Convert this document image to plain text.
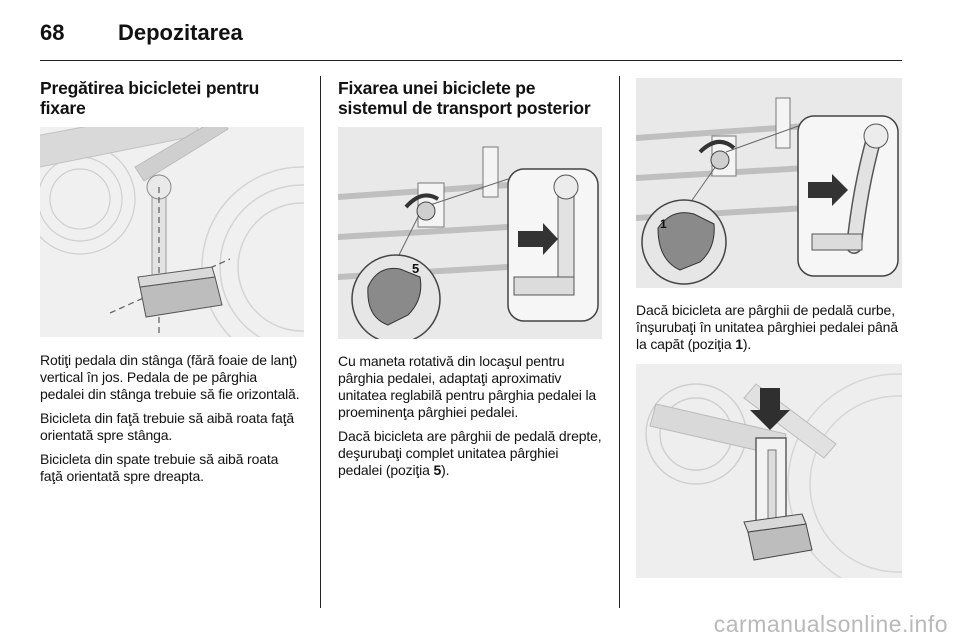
68 Depozitarea
Pregătirea bicicletei pentru fixare

Rotiţi pedala din stânga (fără foaie de lanţ) vertical în jos. Pedala de pe pârghia pedalei din stânga trebuie să fie orizontală.

Bicicleta din faţă trebuie să aibă roata faţă orientată spre stânga.

Bicicleta din spate trebuie să aibă roata faţă orientată spre dreapta.

Fixarea unei biciclete pe sistemul de transport posterior
5

Cu maneta rotativă din locaşul pentru pârghia pedalei, adaptaţi aproximativ unitatea reglabilă pentru pârghia pedalei la proeminenţa pârghiei pedalei.

Dacă bicicleta are pârghii de pedală drepte, deşurubaţi complet unitatea pârghiei pedalei (poziţia 5).

1

Dacă bicicleta are pârghii de pedală curbe, înşurubaţi în unitatea pârghiei pedalei până la capăt (poziţia 1).

carmanualsonline.info
